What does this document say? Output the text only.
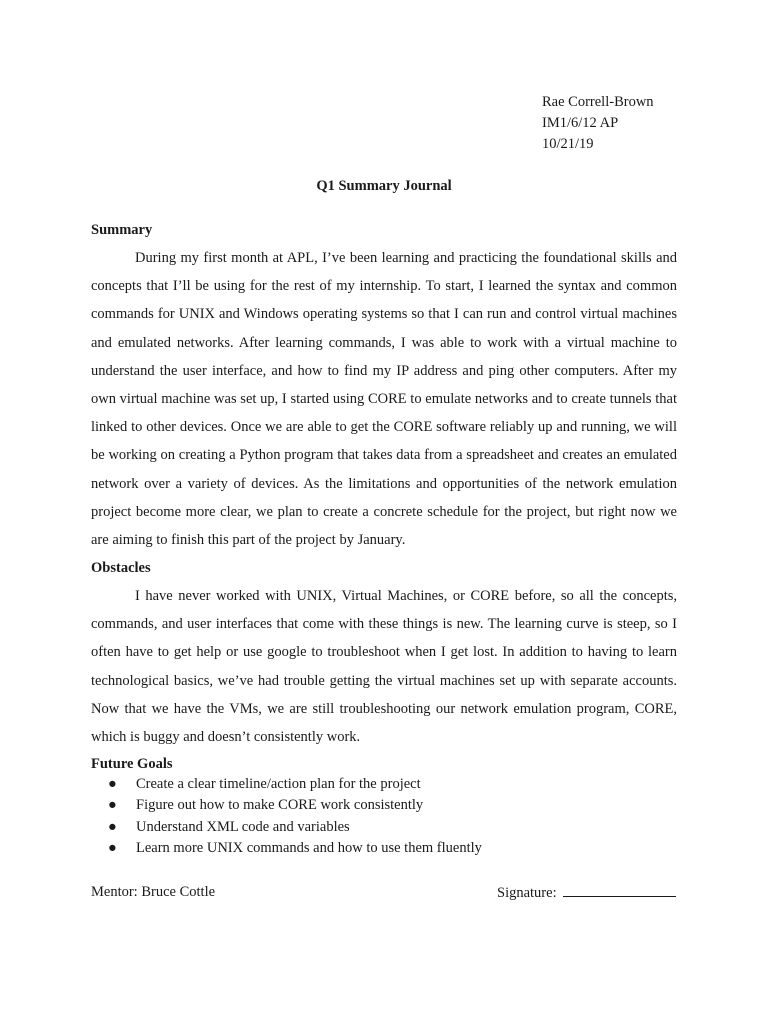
Rae Correll-Brown
IM1/6/12 AP
10/21/19
Q1 Summary Journal
Summary

During my first month at APL, I’ve been learning and practicing the foundational skills and concepts that I’ll be using for the rest of my internship. To start, I learned the syntax and common commands for UNIX and Windows operating systems so that I can run and control virtual machines and emulated networks. After learning commands, I was able to work with a virtual machine to understand the user interface, and how to find my IP address and ping other computers. After my own virtual machine was set up, I started using CORE to emulate networks and to create tunnels that linked to other devices. Once we are able to get the CORE software reliably up and running, we will be working on creating a Python program that takes data from a spreadsheet and creates an emulated network over a variety of devices. As the limitations and opportunities of the network emulation project become more clear, we plan to create a concrete schedule for the project, but right now we are aiming to finish this part of the project by January.

Obstacles

I have never worked with UNIX, Virtual Machines, or CORE before, so all the concepts, commands, and user interfaces that come with these things is new. The learning curve is steep, so I often have to get help or use google to troubleshoot when I get lost. In addition to having to learn technological basics, we’ve had trouble getting the virtual machines set up with separate accounts. Now that we have the VMs, we are still troubleshooting our network emulation program, CORE, which is buggy and doesn’t consistently work.

Future Goals
● Create a clear timeline/action plan for the project
● Figure out how to make CORE work consistently
● Understand XML code and variables
● Learn more UNIX commands and how to use them fluently
Mentor: Bruce Cottle	Signature:
